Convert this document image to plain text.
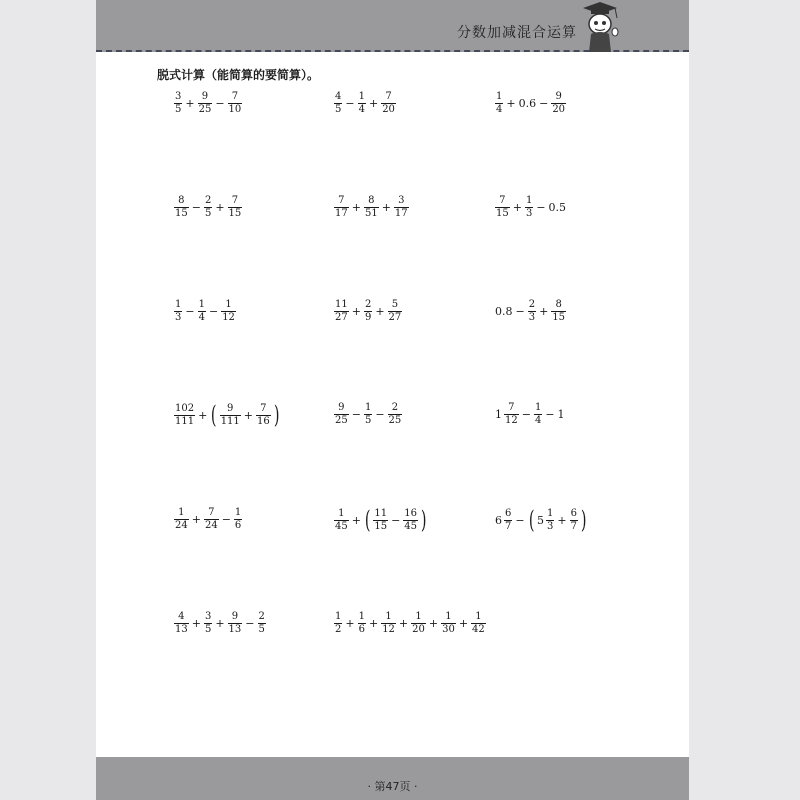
分数加减混合运算
脱式计算（能简算的要简算）。
$\frac{3}{5} + \frac{9}{25} - \frac{7}{10}$	$\frac{4}{5} - \frac{1}{4} + \frac{7}{20}$	$\frac{1}{4} + 0.6 - \frac{9}{20}$
$\frac{8}{15} - \frac{2}{5} + \frac{7}{15}$	$\frac{7}{17} + \frac{8}{51} + \frac{3}{17}$	$\frac{7}{15} + \frac{1}{3} - 0.5$
$\frac{1}{3} - \frac{1}{4} - \frac{1}{12}$	$\frac{11}{27} + \frac{2}{9} + \frac{5}{27}$	$0.8 - \frac{2}{3} + \frac{8}{15}$
$\frac{102}{111}$ + ( $\frac{9}{111} + \frac{7}{16}$ )	$\frac{9}{25} - \frac{1}{5} - \frac{2}{25}$	$1 \frac{7}{12} - \frac{1}{4} - 1$
$\frac{1}{24} + \frac{7}{24} - \frac{1}{6}$	$\frac{1}{45}$ + ( $\frac{11}{15} - \frac{16}{45}$ )	$6 \frac{6}{7}$ − ( $5 \frac{1}{3} + \frac{6}{7}$ )
$\frac{4}{13} + \frac{3}{5} + \frac{9}{13} - \frac{2}{5}$	$\frac{1}{2} + \frac{1}{6} + \frac{1}{12} + \frac{1}{20} + \frac{1}{30} + \frac{1}{42}$
· 第47页 ·
